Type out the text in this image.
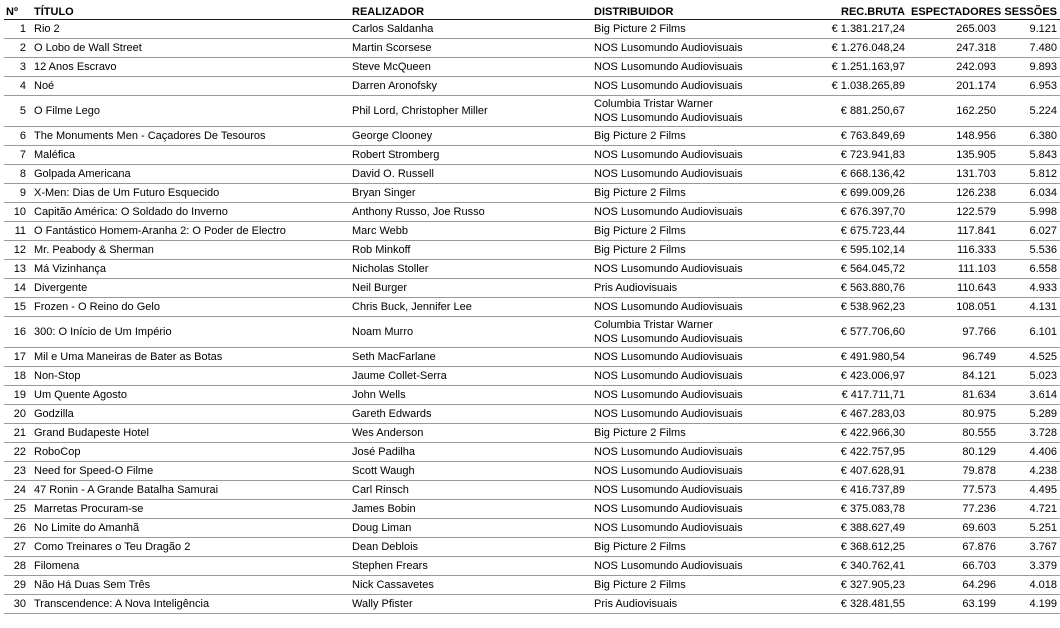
Nº	TÍTULO	REALIZADOR	DISTRIBUIDOR	REC.BRUTA	ESPECTADORES	SESSÕES
1	Rio 2	Carlos Saldanha	Big Picture 2 Films	€ 1.381.217,24	265.003	9.121
2	O Lobo de Wall Street	Martin Scorsese	NOS Lusomundo Audiovisuais	€ 1.276.048,24	247.318	7.480
3	12 Anos Escravo	Steve McQueen	NOS Lusomundo Audiovisuais	€ 1.251.163,97	242.093	9.893
4	Noé	Darren Aronofsky	NOS Lusomundo Audiovisuais	€ 1.038.265,89	201.174	6.953
5	O Filme Lego	Phil Lord, Christopher Miller	Columbia Tristar Warner
NOS Lusomundo Audiovisuais	€ 881.250,67	162.250	5.224
6	The Monuments Men - Caçadores De Tesouros	George Clooney	Big Picture 2 Films	€ 763.849,69	148.956	6.380
7	Maléfica	Robert Stromberg	NOS Lusomundo Audiovisuais	€ 723.941,83	135.905	5.843
8	Golpada Americana	David O. Russell	NOS Lusomundo Audiovisuais	€ 668.136,42	131.703	5.812
9	X-Men: Dias de Um Futuro Esquecido	Bryan Singer	Big Picture 2 Films	€ 699.009,26	126.238	6.034
10	Capitão América: O Soldado do Inverno	Anthony Russo, Joe Russo	NOS Lusomundo Audiovisuais	€ 676.397,70	122.579	5.998
11	O Fantástico Homem-Aranha 2: O Poder de Electro	Marc Webb	Big Picture 2 Films	€ 675.723,44	117.841	6.027
12	Mr. Peabody & Sherman	Rob Minkoff	Big Picture 2 Films	€ 595.102,14	116.333	5.536
13	Má Vizinhança	Nicholas Stoller	NOS Lusomundo Audiovisuais	€ 564.045,72	111.103	6.558
14	Divergente	Neil Burger	Pris Audiovisuais	€ 563.880,76	110.643	4.933
15	Frozen - O Reino do Gelo	Chris Buck, Jennifer Lee	NOS Lusomundo Audiovisuais	€ 538.962,23	108.051	4.131
16	300: O Início de Um Império	Noam Murro	Columbia Tristar Warner
NOS Lusomundo Audiovisuais	€ 577.706,60	97.766	6.101
17	Mil e Uma Maneiras de Bater as Botas	Seth MacFarlane	NOS Lusomundo Audiovisuais	€ 491.980,54	96.749	4.525
18	Non-Stop	Jaume Collet-Serra	NOS Lusomundo Audiovisuais	€ 423.006,97	84.121	5.023
19	Um Quente Agosto	John Wells	NOS Lusomundo Audiovisuais	€ 417.711,71	81.634	3.614
20	Godzilla	Gareth Edwards	NOS Lusomundo Audiovisuais	€ 467.283,03	80.975	5.289
21	Grand Budapeste Hotel	Wes Anderson	Big Picture 2 Films	€ 422.966,30	80.555	3.728
22	RoboCop	José Padilha	NOS Lusomundo Audiovisuais	€ 422.757,95	80.129	4.406
23	Need for Speed-O Filme	Scott Waugh	NOS Lusomundo Audiovisuais	€ 407.628,91	79.878	4.238
24	47 Ronin - A Grande Batalha Samurai	Carl Rinsch	NOS Lusomundo Audiovisuais	€ 416.737,89	77.573	4.495
25	Marretas Procuram-se	James Bobin	NOS Lusomundo Audiovisuais	€ 375.083,78	77.236	4.721
26	No Limite do Amanhã	Doug Liman	NOS Lusomundo Audiovisuais	€ 388.627,49	69.603	5.251
27	Como Treinares o Teu Dragão 2	Dean Deblois	Big Picture 2 Films	€ 368.612,25	67.876	3.767
28	Filomena	Stephen Frears	NOS Lusomundo Audiovisuais	€ 340.762,41	66.703	3.379
29	Não Há Duas Sem Três	Nick Cassavetes	Big Picture 2 Films	€ 327.905,23	64.296	4.018
30	Transcendence: A Nova Inteligência	Wally Pfister	Pris Audiovisuais	€ 328.481,55	63.199	4.199
